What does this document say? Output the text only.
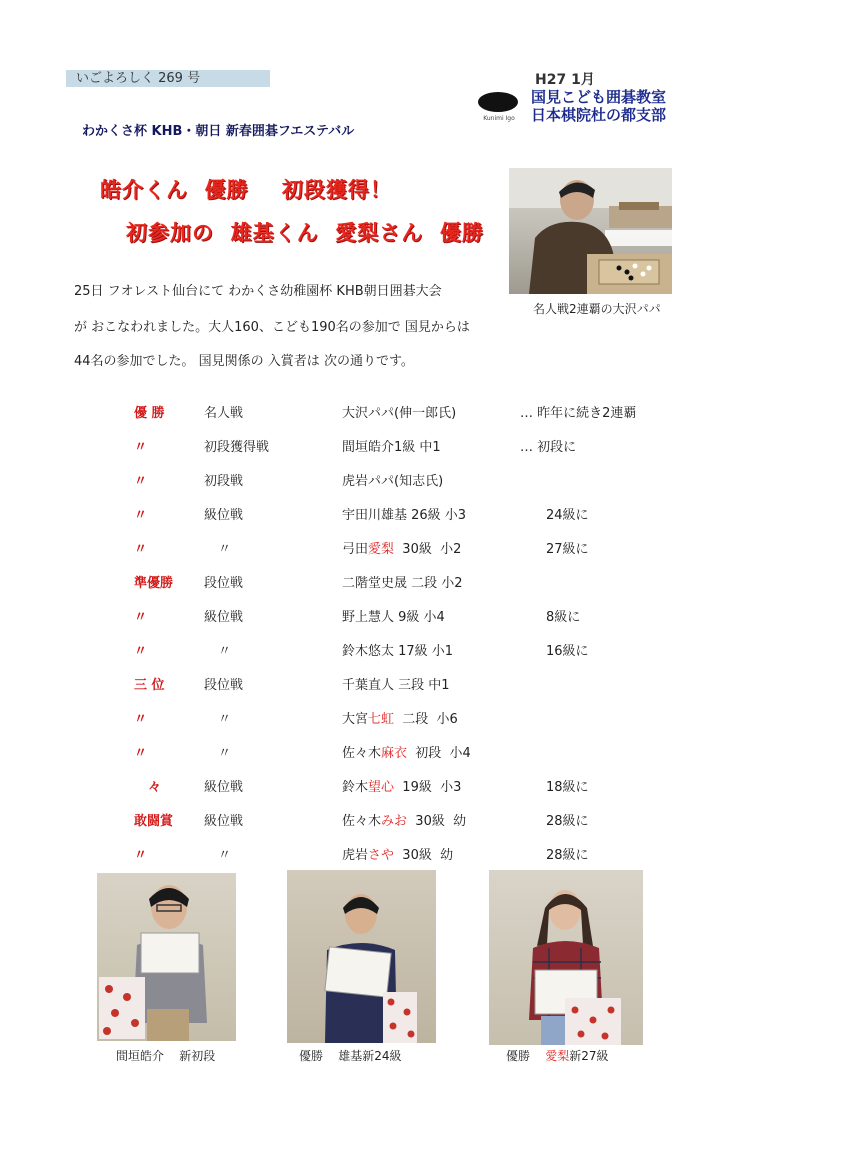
いごよろしく 269 号	H27 1月
Kunimi Igo
国見こども囲碁教室
日本棋院杜の都支部
わかくさ杯 KHB・朝日 新春囲碁フエステバル
皓介くん  優勝    初段獲得！
初参加の  雄基くん  愛梨さん  優勝
名人戦2連覇の大沢パパ
25日 フオレスト仙台にて わかくさ幼稚園杯 KHB朝日囲碁大会
が おこなわれました。大人160、こども190名の参加で 国見からは
44名の参加でした。 国見関係の 入賞者は 次の通りです。
優 勝	名人戦	大沢パパ(伸一郎氏)	… 昨年に続き2連覇
〃	初段獲得戦	間垣皓介1級 中1	… 初段に
〃	初段戦	虎岩パパ(知志氏)
〃	級位戦	宇田川雄基 26級 小3	24級に
〃	〃	弓田愛梨  30級  小2	27級に
準優勝 段位戦	二階堂史晟 二段 小2
〃	級位戦	野上慧人 9級 小4	8級に
〃	〃	鈴木悠太 17級 小1	16級に
三 位	段位戦	千葉直人 三段 中1
〃	〃	大宮七虹  二段  小6
〃	〃	佐々木麻衣  初段  小4
々	級位戦	鈴木望心  19級  小3	18級に
敢闘賞 級位戦	佐々木みお  30級  幼	28級に
〃	〃	虎岩さや  30級  幼	28級に
間垣皓介    新初段	優勝    雄基新24級	優勝    愛梨新27級
